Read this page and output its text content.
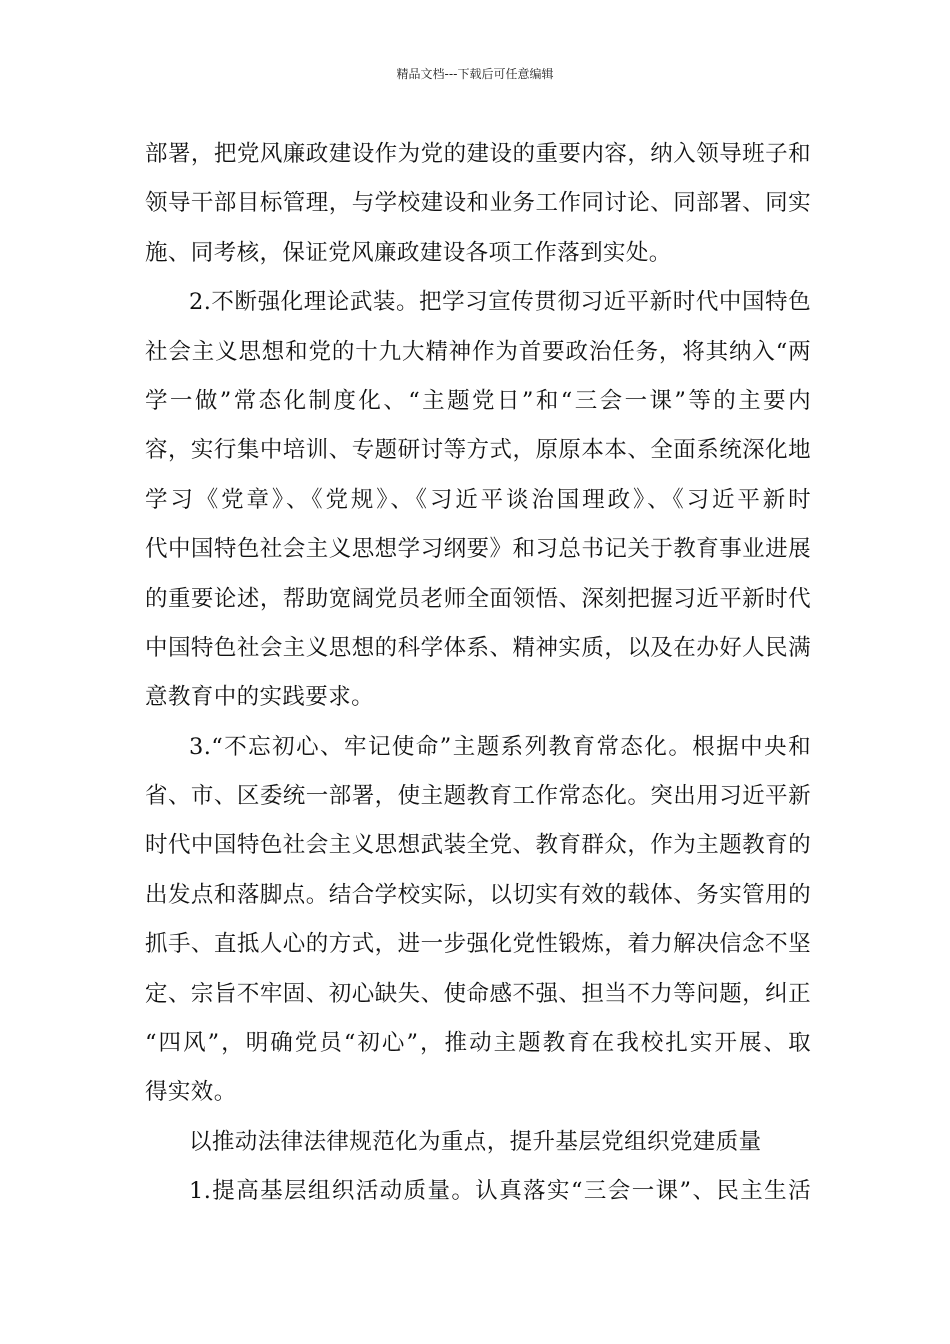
精品文档---下载后可任意编辑
部署，把党风廉政建设作为党的建设的重要内容，纳入领导班子和
领导干部目标管理，与学校建设和业务工作同讨论、同部署、同实
施、同考核，保证党风廉政建设各项工作落到实处。
2.不断强化理论武装。把学习宣传贯彻习近平新时代中国特色
社会主义思想和党的十九大精神作为首要政治任务，将其纳入“两
学一做”常态化制度化、“主题党日”和“三会一课”等的主要内
容，实行集中培训、专题研讨等方式，原原本本、全面系统深化地
学习《党章》、《党规》、《习近平谈治国理政》、《习近平新时
代中国特色社会主义思想学习纲要》和习总书记关于教育事业进展
的重要论述，帮助宽阔党员老师全面领悟、深刻把握习近平新时代
中国特色社会主义思想的科学体系、精神实质，以及在办好人民满
意教育中的实践要求。
3.“不忘初心、牢记使命”主题系列教育常态化。根据中央和
省、市、区委统一部署，使主题教育工作常态化。突出用习近平新
时代中国特色社会主义思想武装全党、教育群众，作为主题教育的
出发点和落脚点。结合学校实际，以切实有效的载体、务实管用的
抓手、直抵人心的方式，进一步强化党性锻炼，着力解决信念不坚
定、宗旨不牢固、初心缺失、使命感不强、担当不力等问题，纠正
“四风”，明确党员“初心”，推动主题教育在我校扎实开展、取
得实效。
以推动法律法律规范化为重点，提升基层党组织党建质量
1.提高基层组织活动质量。认真落实“三会一课”、民主生活
